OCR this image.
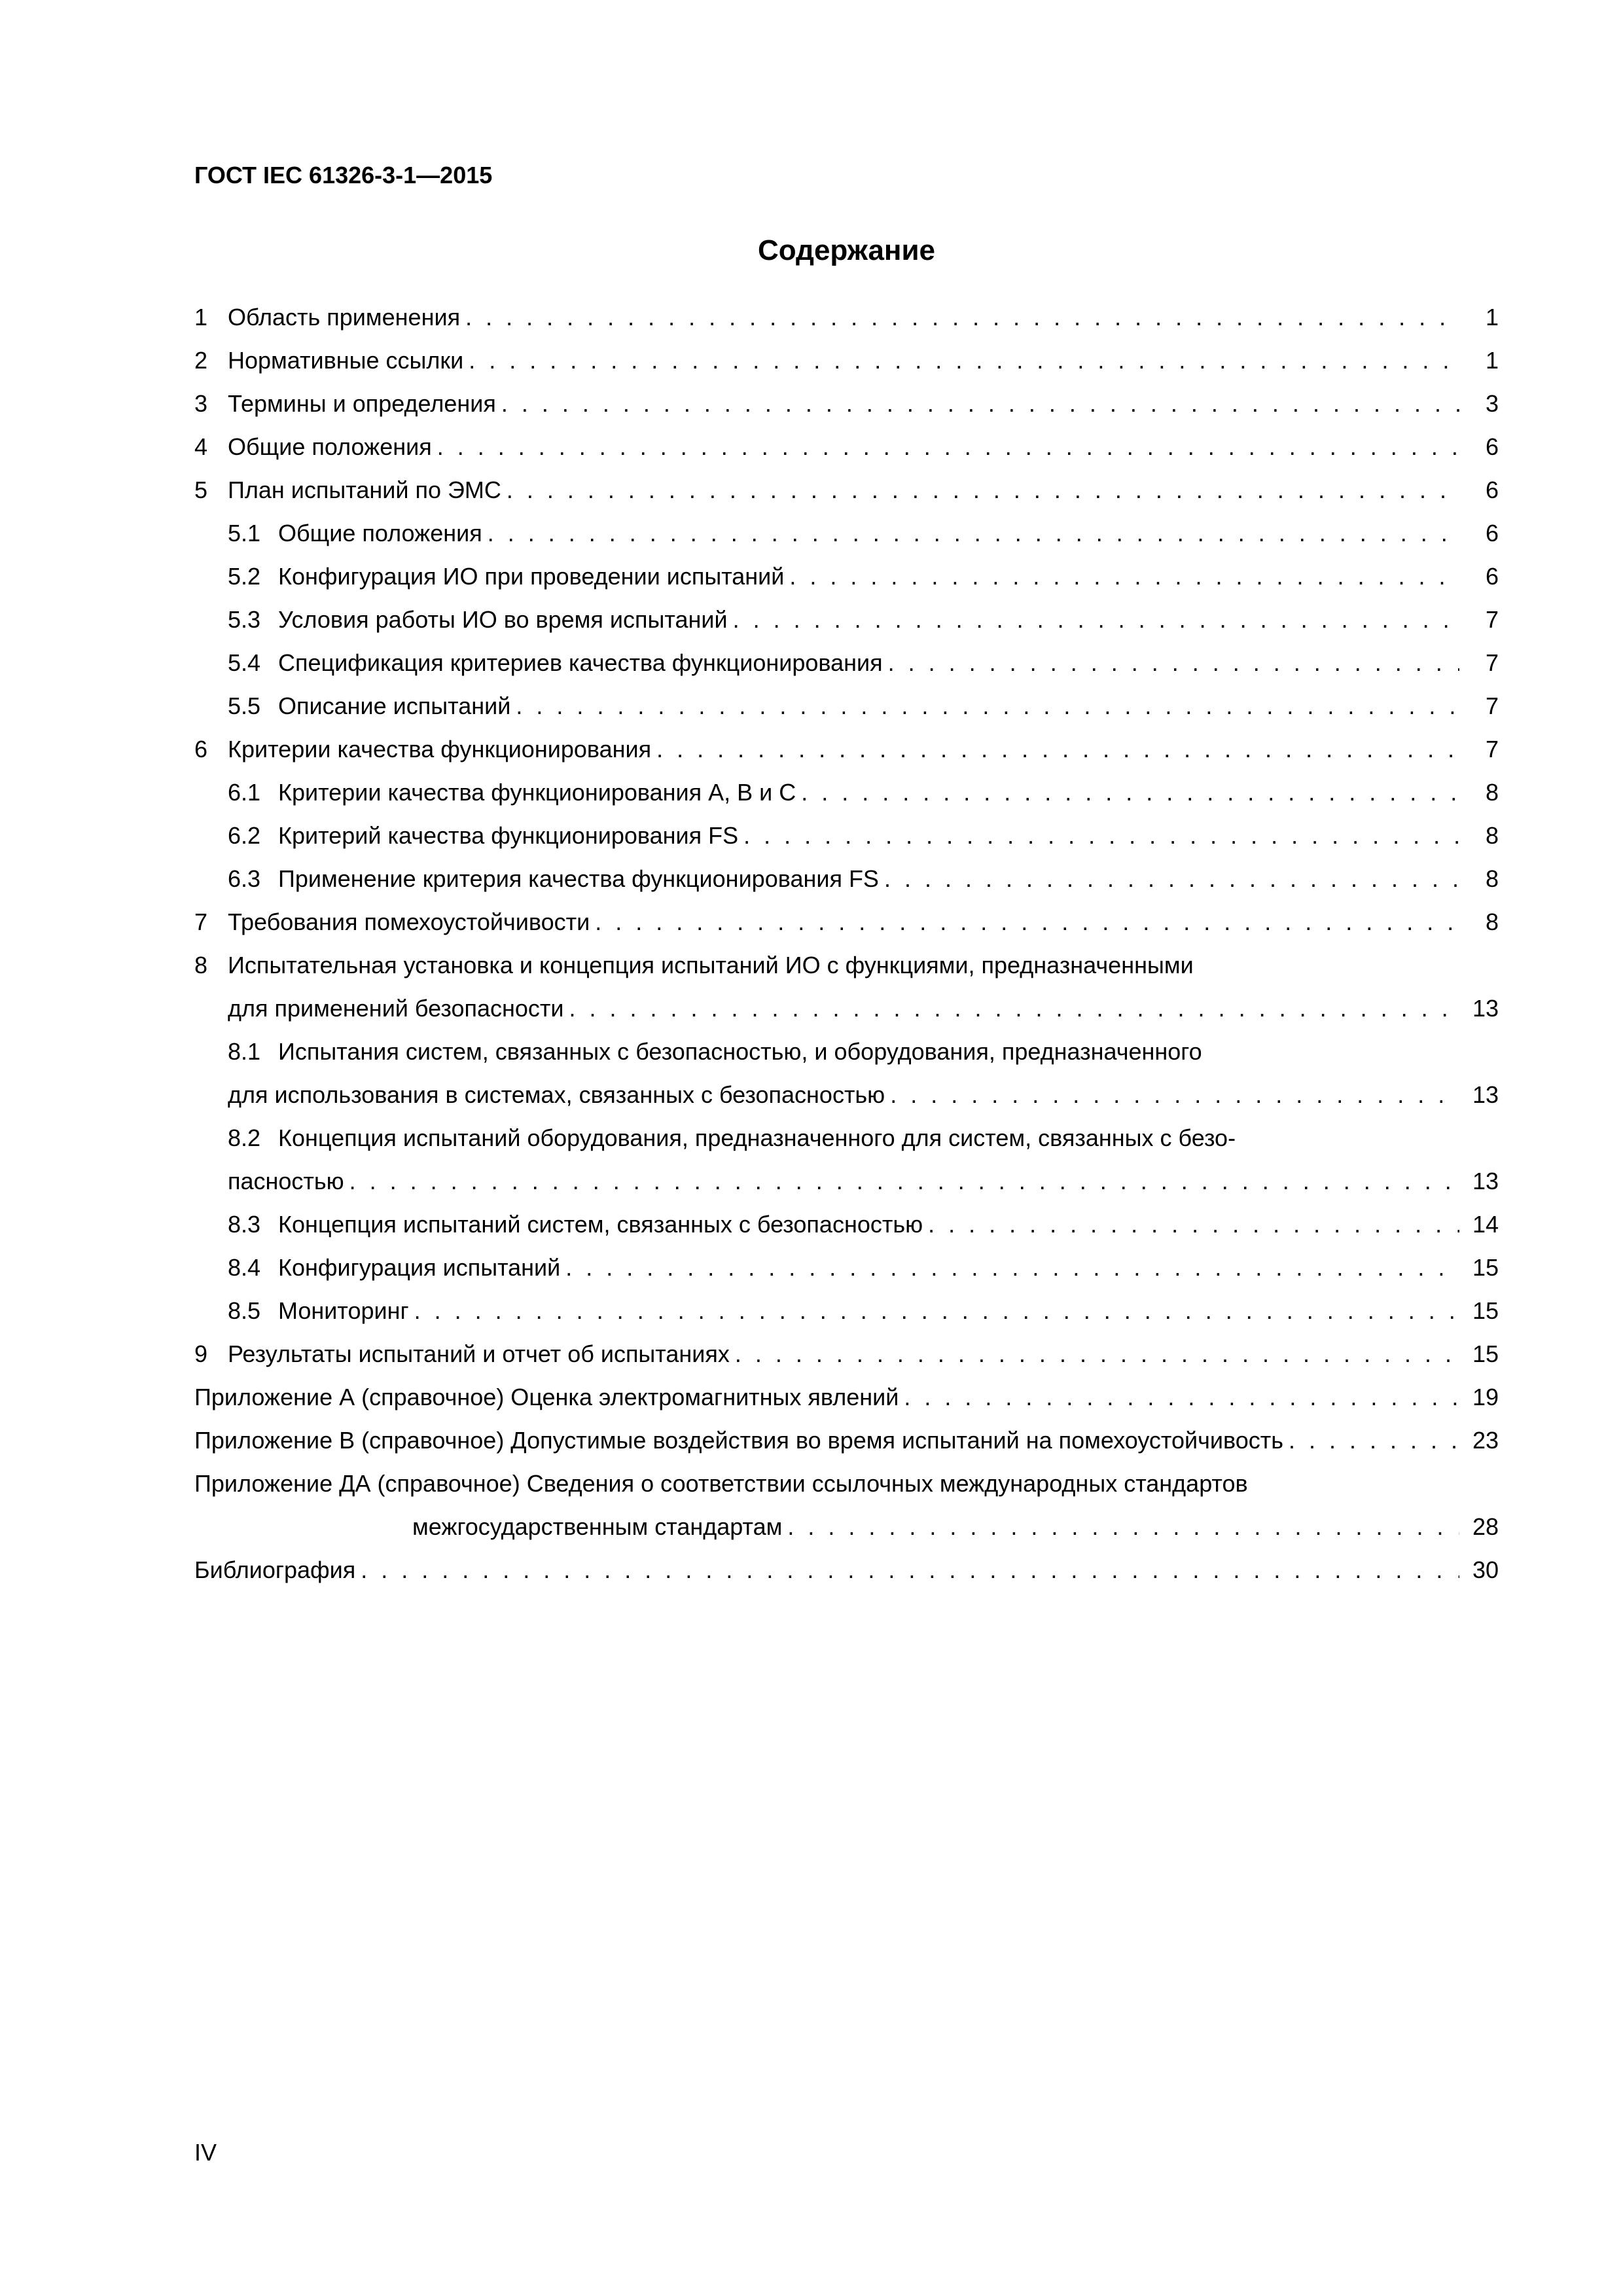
ГОСТ IEC 61326-3-1—2015
Содержание
1 Область применения .....	1
2 Нормативные ссылки .....	1
3 Термины и определения .....	3
4 Общие положения .....	6
5 План испытаний по ЭМС .....	6
5.1 Общие положения .....	6
5.2 Конфигурация ИО при проведении испытаний .....	6
5.3 Условия работы ИО во время испытаний .....	7
5.4 Спецификация критериев качества функционирования .....	7
5.5 Описание испытаний .....	7
6 Критерии качества функционирования .....	7
6.1 Критерии качества функционирования А, В и С .....	8
6.2 Критерий качества функционирования FS .....	8
6.3 Применение критерия качества функционирования FS .....	8
7 Требования помехоустойчивости .....	8
8 Испытательная установка и концепция испытаний ИО с функциями, предназначенными
для применений безопасности .....	13
8.1 Испытания систем, связанных с безопасностью, и оборудования, предназначенного
для использования в системах, связанных с безопасностью .....	13
8.2 Концепция испытаний оборудования, предназначенного для систем, связанных с безо-
пасностью .....	13
8.3 Концепция испытаний систем, связанных с безопасностью .....	14
8.4 Конфигурация испытаний .....	15
8.5 Мониторинг .....	15
9 Результаты испытаний и отчет об испытаниях .....	15
Приложение А (справочное) Оценка электромагнитных явлений .....	19
Приложение В (справочное) Допустимые воздействия во время испытаний на помехоустойчивость .....	23
Приложение ДА (справочное) Сведения о соответствии ссылочных международных стандартов
межгосударственным стандартам .....	28
Библиография .....	30
IV
